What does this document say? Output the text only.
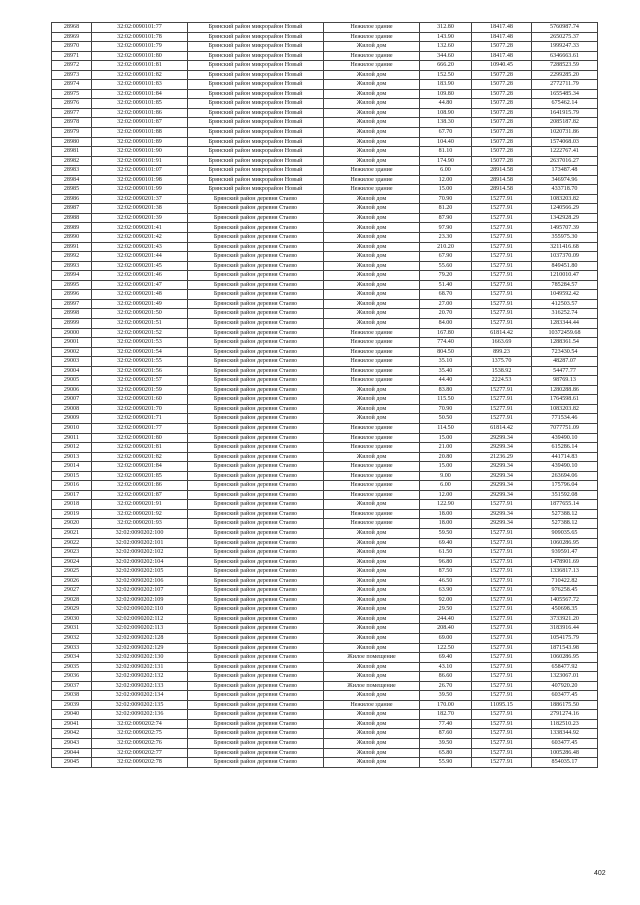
28968	32:02:0090101:77	Брянский район микрорайон Новый	Нежилое здание	312.80	18417.48	5760987.74
28969	32:02:0090101:78	Брянский район микрорайон Новый	Нежилое здание	143.90	18417.48	2650275.37
28970	32:02:0090101:79	Брянский район микрорайон Новый	Жилой дом	132.60	15077.28	1999247.33
28971	32:02:0090101:80	Брянский район микрорайон Новый	Нежилое здание	344.60	18417.48	6346663.61
28972	32:02:0090101:81	Брянский район микрорайон Новый	Нежилое здание	666.20	10940.45	7288523.59
28973	32:02:0090101:82	Брянский район микрорайон Новый	Жилой дом	152.50	15077.28	2299285.20
28974	32:02:0090101:83	Брянский район микрорайон Новый	Жилой дом	183.90	15077.28	2772711.79
28975	32:02:0090101:84	Брянский район микрорайон Новый	Жилой дом	109.80	15077.28	1655485.34
28976	32:02:0090101:85	Брянский район микрорайон Новый	Жилой дом	44.80	15077.28	675462.14
28977	32:02:0090101:86	Брянский район микрорайон Новый	Жилой дом	108.90	15077.28	1641915.79
28978	32:02:0090101:87	Брянский район микрорайон Новый	Жилой дом	138.30	15077.28	2085187.82
28979	32:02:0090101:88	Брянский район микрорайон Новый	Жилой дом	67.70	15077.28	1020731.86
28980	32:02:0090101:89	Брянский район микрорайон Новый	Жилой дом	104.40	15077.28	1574068.03
28981	32:02:0090101:90	Брянский район микрорайон Новый	Жилой дом	81.10	15077.28	1222767.41
28982	32:02:0090101:91	Брянский район микрорайон Новый	Жилой дом	174.90	15077.28	2637016.27
28983	32:02:0090101:07	Брянский район микрорайон Новый	Нежилое здание	6.00	28914.58	173487.48
28984	32:02:0090101:98	Брянский район микрорайон Новый	Нежилое здание	12.00	28914.58	346974.96
28985	32:02:0090101:99	Брянский район микрорайон Новый	Нежилое здание	15.00	28914.58	433718.70
28986	32:02:0090201:37	Брянский район деревня Стаево	Жилой дом	70.90	15277.91	1083203.82
28987	32:02:0090201:38	Брянский район деревня Стаево	Жилой дом	81.20	15277.91	1240566.29
28988	32:02:0090201:39	Брянский район деревня Стаево	Жилой дом	87.90	15277.91	1342928.29
28989	32:02:0090201:41	Брянский район деревня Стаево	Жилой дом	97.90	15277.91	1495707.39
28990	32:02:0090201:42	Брянский район деревня Стаево	Жилой дом	23.30	15277.91	355975.30
28991	32:02:0090201:43	Брянский район деревня Стаево	Жилой дом	210.20	15277.91	3211416.68
28992	32:02:0090201:44	Брянский район деревня Стаево	Жилой дом	67.90	15277.91	1037370.09
28993	32:02:0090201:45	Брянский район деревня Стаево	Жилой дом	55.60	15277.91	849451.80
28994	32:02:0090201:46	Брянский район деревня Стаево	Жилой дом	79.20	15277.91	1210010.47
28995	32:02:0090201:47	Брянский район деревня Стаево	Жилой дом	51.40	15277.91	785284.57
28996	32:02:0090201:48	Брянский район деревня Стаево	Жилой дом	68.70	15277.91	1049592.42
28997	32:02:0090201:49	Брянский район деревня Стаево	Жилой дом	27.00	15277.91	412503.57
28998	32:02:0090201:50	Брянский район деревня Стаево	Жилой дом	20.70	15277.91	316252.74
28999	32:02:0090201:51	Брянский район деревня Стаево	Жилой дом	84.00	15277.91	1283344.44
29000	32:02:0090201:52	Брянский район деревня Стаево	Нежилое здание	167.80	61814.42	10372459.68
29001	32:02:0090201:53	Брянский район деревня Стаево	Нежилое здание	774.40	1663.69	1288361.54
29002	32:02:0090201:54	Брянский район деревня Стаево	Нежилое здание	804.50	899.23	723430.54
29003	32:02:0090201:55	Брянский район деревня Стаево	Нежилое здание	35.10	1375.70	48287.07
29004	32:02:0090201:56	Брянский район деревня Стаево	Нежилое здание	35.40	1538.92	54477.77
29005	32:02:0090201:57	Брянский район деревня Стаево	Нежилое здание	44.40	2224.53	98769.13
29006	32:02:0090201:59	Брянский район деревня Стаево	Жилой дом	83.80	15277.91	1280288.86
29007	32:02:0090201:60	Брянский район деревня Стаево	Жилой дом	115.50	15277.91	1764598.61
29008	32:02:0090201:70	Брянский район деревня Стаево	Жилой дом	70.90	15277.91	1083203.82
29009	32:02:0090201:71	Брянский район деревня Стаево	Жилой дом	50.50	15277.91	771534.46
29010	32:02:0090201:77	Брянский район деревня Стаево	Нежилое здание	114.50	61814.42	7077751.09
29011	32:02:0090201:80	Брянский район деревня Стаево	Нежилое здание	15.00	29299.34	439490.10
29012	32:02:0090201:81	Брянский район деревня Стаево	Нежилое здание	21.00	29299.34	615286.14
29013	32:02:0090201:82	Брянский район деревня Стаево	Жилой дом	20.80	21236.29	441714.83
29014	32:02:0090201:84	Брянский район деревня Стаево	Нежилое здание	15.00	29299.34	439490.10
29015	32:02:0090201:85	Брянский район деревня Стаево	Нежилое здание	9.00	29299.34	263694.06
29016	32:02:0090201:86	Брянский район деревня Стаево	Нежилое здание	6.00	29299.34	175796.04
29017	32:02:0090201:87	Брянский район деревня Стаево	Нежилое здание	12.00	29299.34	351592.08
29018	32:02:0090201:91	Брянский район деревня Стаево	Жилой дом	122.90	15277.91	1877655.14
29019	32:02:0090201:92	Брянский район деревня Стаево	Нежилое здание	18.00	29299.34	527388.12
29020	32:02:0090201:93	Брянский район деревня Стаево	Нежилое здание	18.00	29299.34	527388.12
29021	32:02:0090202:100	Брянский район деревня Стаево	Жилой дом	59.50	15277.91	909035.65
29022	32:02:0090202:101	Брянский район деревня Стаево	Жилой дом	69.40	15277.91	1060286.95
29023	32:02:0090202:102	Брянский район деревня Стаево	Жилой дом	61.50	15277.91	939591.47
29024	32:02:0090202:104	Брянский район деревня Стаево	Жилой дом	96.80	15277.91	1478901.69
29025	32:02:0090202:105	Брянский район деревня Стаево	Жилой дом	87.50	15277.91	1336817.13
29026	32:02:0090202:106	Брянский район деревня Стаево	Жилой дом	46.50	15277.91	710422.82
29027	32:02:0090202:107	Брянский район деревня Стаево	Жилой дом	63.90	15277.91	976258.45
29028	32:02:0090202:109	Брянский район деревня Стаево	Жилой дом	92.00	15277.91	1405567.72
29029	32:02:0090202:110	Брянский район деревня Стаево	Жилой дом	29.50	15277.91	450698.35
29030	32:02:0090202:112	Брянский район деревня Стаево	Жилой дом	244.40	15277.91	3733921.20
29031	32:02:0090202:113	Брянский район деревня Стаево	Жилой дом	208.40	15277.91	3183916.44
29032	32:02:0090202:128	Брянский район деревня Стаево	Жилой дом	69.00	15277.91	1054175.79
29033	32:02:0090202:129	Брянский район деревня Стаево	Жилой дом	122.50	15277.91	1871543.98
29034	32:02:0090202:130	Брянский район деревня Стаево	Жилое помещение	69.40	15277.91	1060286.95
29035	32:02:0090202:131	Брянский район деревня Стаево	Жилой дом	43.10	15277.91	658477.92
29036	32:02:0090202:132	Брянский район деревня Стаево	Жилой дом	86.60	15277.91	1323067.01
29037	32:02:0090202:133	Брянский район деревня Стаево	Жилое помещение	26.70	15277.91	407920.20
29038	32:02:0090202:134	Брянский район деревня Стаево	Жилой дом	39.50	15277.91	603477.45
29039	32:02:0090202:135	Брянский район деревня Стаево	Нежилое здание	170.00	11095.15	1886175.50
29040	32:02:0090202:136	Брянский район деревня Стаево	Жилой дом	182.70	15277.91	2791274.16
29041	32:02:0090202:74	Брянский район деревня Стаево	Жилой дом	77.40	15277.91	1182510.23
29042	32:02:0090202:75	Брянский район деревня Стаево	Жилой дом	87.60	15277.91	1338344.92
29043	32:02:0090202:76	Брянский район деревня Стаево	Жилой дом	39.50	15277.91	603477.45
29044	32:02:0090202:77	Брянский район деревня Стаево	Жилой дом	65.80	15277.91	1005286.48
29045	32:02:0090202:78	Брянский район деревня Стаево	Жилой дом	55.90	15277.91	854035.17
402
